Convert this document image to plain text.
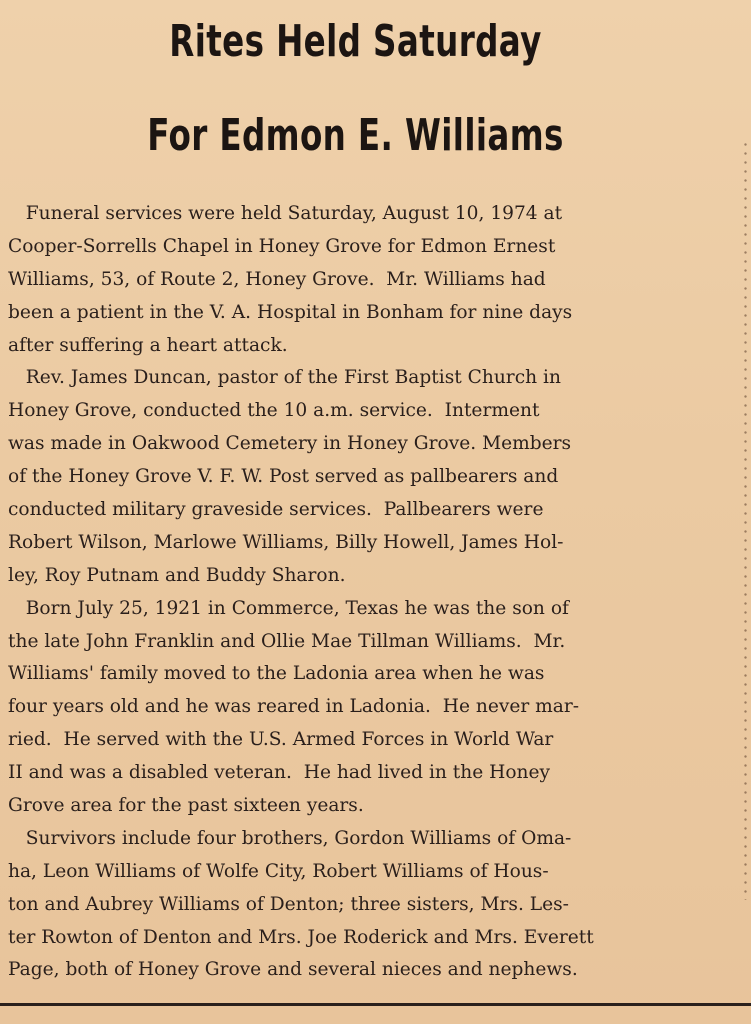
Rites Held Saturday
For Edmon E. Williams
Funeral services were held Saturday, August 10, 1974 at
Cooper-Sorrells Chapel in Honey Grove for Edmon Ernest
Williams, 53, of Route 2, Honey Grove.  Mr. Williams had
been a patient in the V. A. Hospital in Bonham for nine days
after suffering a heart attack.
Rev. James Duncan, pastor of the First Baptist Church in
Honey Grove, conducted the 10 a.m. service.  Interment
was made in Oakwood Cemetery in Honey Grove. Members
of the Honey Grove V. F. W. Post served as pallbearers and
conducted military graveside services.  Pallbearers were
Robert Wilson, Marlowe Williams, Billy Howell, James Hol-
ley, Roy Putnam and Buddy Sharon.
Born July 25, 1921 in Commerce, Texas he was the son of
the late John Franklin and Ollie Mae Tillman Williams.  Mr.
Williams' family moved to the Ladonia area when he was
four years old and he was reared in Ladonia.  He never mar-
ried.  He served with the U.S. Armed Forces in World War
II and was a disabled veteran.  He had lived in the Honey
Grove area for the past sixteen years.
Survivors include four brothers, Gordon Williams of Oma-
ha, Leon Williams of Wolfe City, Robert Williams of Hous-
ton and Aubrey Williams of Denton; three sisters, Mrs. Les-
ter Rowton of Denton and Mrs. Joe Roderick and Mrs. Everett
Page, both of Honey Grove and several nieces and nephews.
